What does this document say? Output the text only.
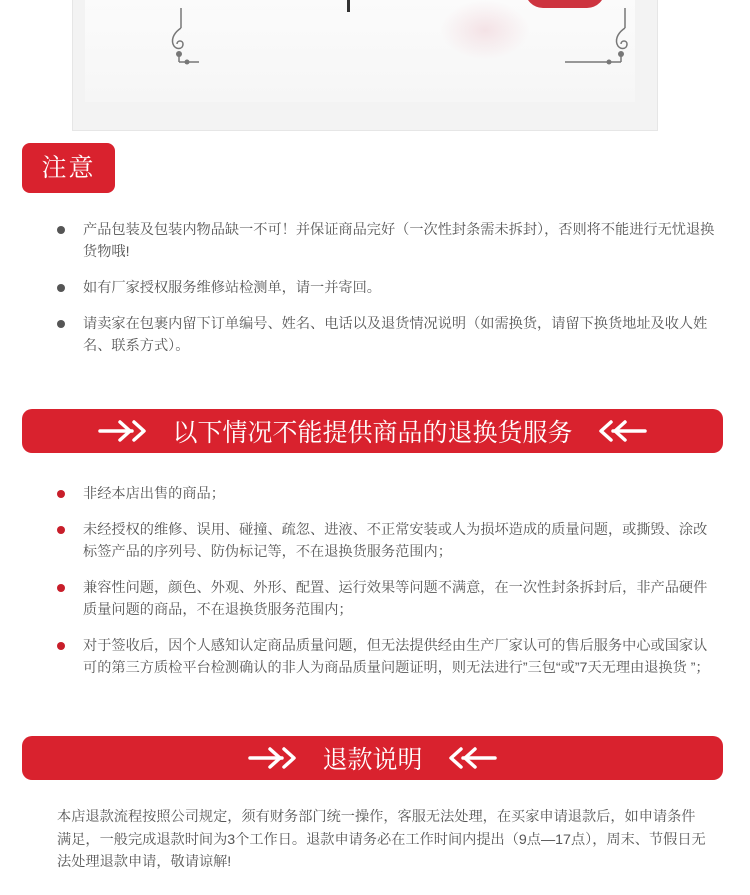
注意
产品包装及包装内物品缺一不可！并保证商品完好（一次性封条需未拆封），否则将不能进行无忧退换货物哦!
如有厂家授权服务维修站检测单，请一并寄回。
请卖家在包裹内留下订单编号、姓名、电话以及退货情况说明（如需换货，请留下换货地址及收人姓名、联系方式）。
以下情况不能提供商品的退换货服务
非经本店出售的商品；
未经授权的维修、误用、碰撞、疏忽、进液、不正常安装或人为损坏造成的质量问题，或撕毁、涂改标签产品的序列号、防伪标记等，不在退换货服务范围内；
兼容性问题，颜色、外观、外形、配置、运行效果等问题不满意，在一次性封条拆封后，非产品硬件质量问题的商品，不在退换货服务范围内；
对于签收后，因个人感知认定商品质量问题，但无法提供经由生产厂家认可的售后服务中心或国家认可的第三方质检平台检测确认的非人为商品质量问题证明，则无法进行”三包“或”7天无理由退换货 ”；
退款说明
本店退款流程按照公司规定，须有财务部门统一操作，客服无法处理，在买家申请退款后，如申请条件满足，一般完成退款时间为3个工作日。退款申请务必在工作时间内提出（9点—17点），周末、节假日无法处理退款申请，敬请谅解!
